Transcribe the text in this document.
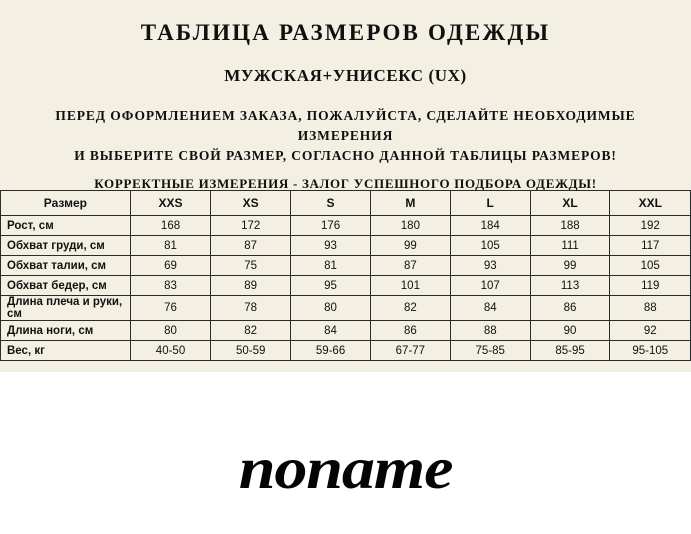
ТАБЛИЦА РАЗМЕРОВ ОДЕЖДЫ
МУЖСКАЯ+УНИСЕКС (UX)
ПЕРЕД ОФОРМЛЕНИЕМ ЗАКАЗА, ПОЖАЛУЙСТА, СДЕЛАЙТЕ НЕОБХОДИМЫЕ ИЗМЕРЕНИЯ
И ВЫБЕРИТЕ СВОЙ РАЗМЕР, СОГЛАСНО ДАННОЙ ТАБЛИЦЫ РАЗМЕРОВ!
КОРРЕКТНЫЕ ИЗМЕРЕНИЯ - ЗАЛОГ УСПЕШНОГО ПОДБОРА ОДЕЖДЫ!
Размер	XXS	XS	S	M	L	XL	XXL
Рост, см	168	172	176	180	184	188	192
Обхват груди, см	81	87	93	99	105	111	117
Обхват талии, см	69	75	81	87	93	99	105
Обхват бедер, см	83	89	95	101	107	113	119
Длина плеча и руки, см	76	78	80	82	84	86	88
Длина ноги, см	80	82	84	86	88	90	92
Вес, кг	40-50	50-59	59-66	67-77	75-85	85-95	95-105
noname
